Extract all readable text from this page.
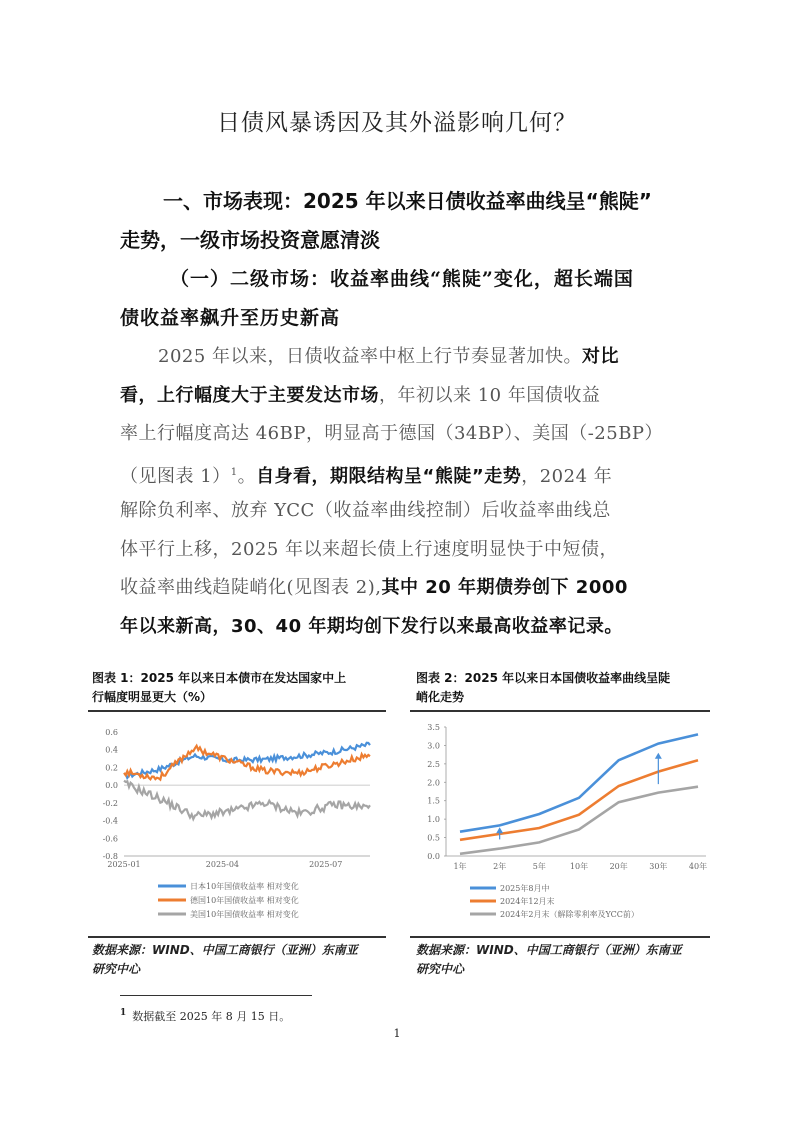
日债风暴诱因及其外溢影响几何？
一、市场表现：2025 年以来日债收益率曲线呈“熊陡”
走势，一级市场投资意愿清淡
（一）二级市场：收益率曲线“熊陡”变化，超长端国
债收益率飙升至历史新高
2025 年以来，日债收益率中枢上行节奏显著加快。对比
看，上行幅度大于主要发达市场，年初以来 10 年国债收益
率上行幅度高达 46BP，明显高于德国（34BP）、美国（-25BP）
（见图表 1）$^1$。自身看，期限结构呈“熊陡”走势，2024 年
解除负利率、放弃 YCC（收益率曲线控制）后收益率曲线总
体平行上移，2025 年以来超长债上行速度明显快于中短债，
收益率曲线趋陡峭化(见图表 2),其中 20 年期债券创下 2000
年以来新高，30、40 年期均创下发行以来最高收益率记录。
图表 1：2025 年以来日本债市在发达国家中上
行幅度明显更大（%）
0.6
0.4
0.2
0.0
-0.2
-0.4
-0.6
-0.8
2025-01	2025-04	2025-07
日本10年国债收益率 相对变化
德国10年国债收益率 相对变化
美国10年国债收益率 相对变化
数据来源：WIND、中国工商银行（亚洲）东南亚
研究中心
图表 2：2025 年以来日本国债收益率曲线呈陡
峭化走势
3.5
3.0
2.5
2.0
1.5
1.0
0.5
0.0
1年	2年	5年	10年	20年	30年	40年
2025年8月中
2024年12月末
2024年2月末（解除零利率及YCC前）
数据来源：WIND、中国工商银行（亚洲）东南亚
研究中心
$^1$ 数据截至 2025 年 8 月 15 日。
1
